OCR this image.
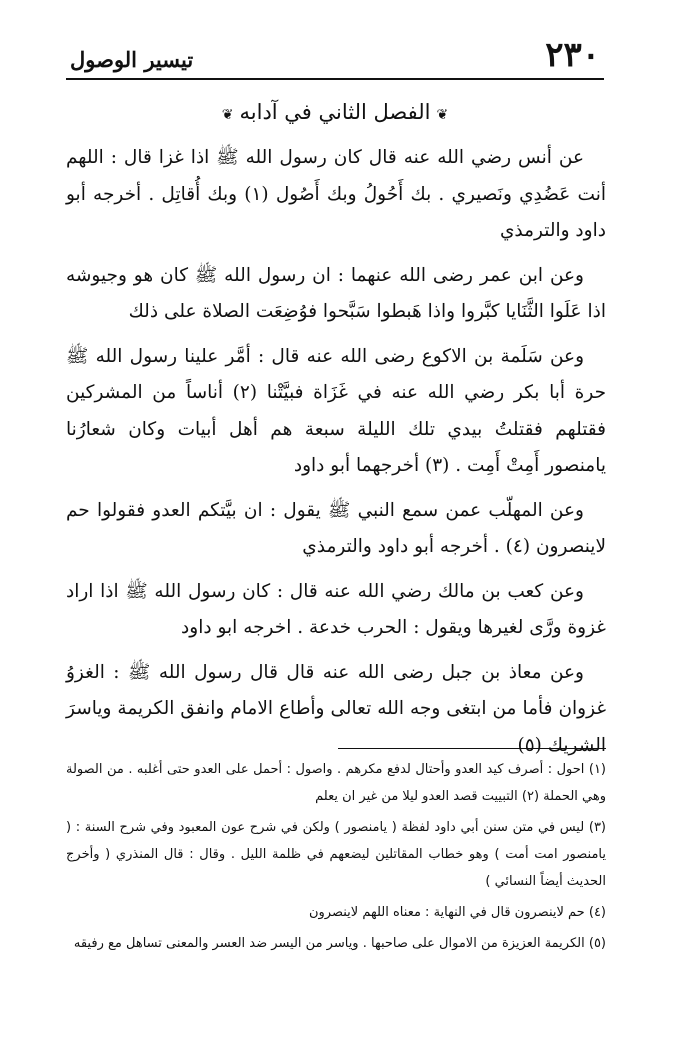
٢٣٠
تيسير الوصول
❦الفصل الثاني في آدابه❦

عن أنس رضي الله عنه قال كان رسول الله ﷺ اذا غزا قال : اللهم أنت عَضُدِي ونَصيري . بك أَحُولُ وبك أَصُول (١) وبك أُقاتِل . أخرجه أبو داود والترمذي

وعن ابن عمر رضى الله عنهما : ان رسول الله ﷺ كان هو وجيوشه اذا عَلَوا الثَّنَايا كبَّروا واذا هَبطوا سَبَّحوا فوُضِعَت الصلاة على ذلك

وعن سَلَمة بن الاكوع رضى الله عنه قال : أمَّر علينا رسول الله ﷺ حرة أبا بكر رضي الله عنه في غَزَاة فبيَّتْنا (٢) أناساً من المشركين فقتلهم فقتلتُ بيدي تلك الليلة سبعة هم أهل أبيات وكان شعارُنا يامنصور أَمِتْ أَمِت . (٣) أخرجهما أبو داود

وعن المهلّب عمن سمع النبي ﷺ يقول : ان بيَّتكم العدو فقولوا حم لاينصرون (٤) . أخرجه أبو داود والترمذي

وعن كعب بن مالك رضي الله عنه قال : كان رسول الله ﷺ اذا اراد غزوة ورَّى لغيرها ويقول : الحرب خدعة . اخرجه ابو داود

وعن معاذ بن جبل رضى الله عنه قال قال رسول الله ﷺ : الغزوُ غزوان فأما من ابتغى وجه الله تعالى وأطاع الامام وانفق الكريمة وياسرَ الشريك (٥)

(١) احول : أصرف كيد العدو وأحتال لدفع مكرهم . واصول : أحمل على العدو حتى أغلبه . من الصولة وهي الحملة (٢) التبييت قصد العدو ليلا من غير ان يعلم

(٣) ليس في متن سنن أبي داود لفظة ( يامنصور ) ولكن في شرح عون المعبود وفي شرح السنة : ( يامنصور امت أمت ) وهو خطاب المقاتلين ليضعهم في ظلمة الليل . وقال : قال المنذري ( وأخرج الحديث أيضاً النسائي )

(٤) حم لاينصرون قال في النهاية : معناه اللهم لاينصرون

(٥) الكريمة العزيزة من الاموال على صاحبها . وياسر من اليسر ضد العسر والمعنى تساهل مع رفيقه
